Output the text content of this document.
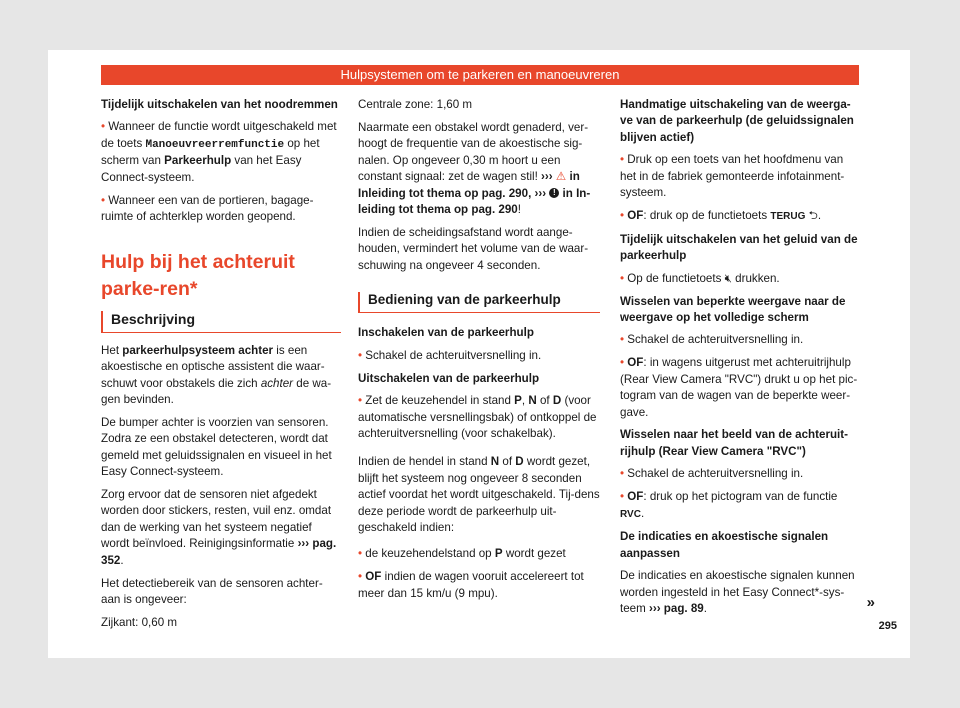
Hulpsystemen om te parkeren en manoeuvreren

Tijdelijk uitschakelen van het noodremmen

• Wanneer de functie wordt uitgeschakeld met de toets Manoeuvreerremfunctie op het scherm van Parkeerhulp van het Easy Connect-systeem.

• Wanneer een van de portieren, bagage-ruimte of achterklep worden geopend.

Hulp bij het achteruit parke-ren*
Beschrijving

Het parkeerhulpsysteem achter is een akoestische en optische assistent die waar-schuwt voor obstakels die zich achter de wa-gen bevinden.

De bumper achter is voorzien van sensoren. Zodra ze een obstakel detecteren, wordt dat gemeld met geluidssignalen en visueel in het Easy Connect-systeem.

Zorg ervoor dat de sensoren niet afgedekt worden door stickers, resten, vuil enz. omdat dan de werking van het systeem negatief wordt beïnvloed. Reinigingsinformatie ››› pag. 352.

Het detectiebereik van de sensoren achter-aan is ongeveer:

Zijkant: 0,60 m

Centrale zone: 1,60 m

Naarmate een obstakel wordt genaderd, ver-hoogt de frequentie van de akoestische sig-nalen. Op ongeveer 0,30 m hoort u een constant signaal: zet de wagen stil! ››› ⚠ in Inleiding tot thema op pag. 290, ››› ! in In-leiding tot thema op pag. 290!

Indien de scheidingsafstand wordt aange-houden, vermindert het volume van de waar-schuwing na ongeveer 4 seconden.

Bediening van de parkeerhulp

Inschakelen van de parkeerhulp

• Schakel de achteruitversnelling in.

Uitschakelen van de parkeerhulp

• Zet de keuzehendel in stand P, N of D (voor automatische versnellingsbak) of ontkoppel de achteruitversnelling (voor schakelbak).

Indien de hendel in stand N of D wordt gezet, blijft het systeem nog ongeveer 8 seconden actief voordat het wordt uitgeschakeld. Tij-dens deze periode wordt de parkeerhulp uit-geschakeld indien:

• de keuzehendelstand op P wordt gezet

• OF indien de wagen vooruit accelereert tot meer dan 15 km/u (9 mpu).

Handmatige uitschakeling van de weerga-ve van de parkeerhulp (de geluidssignalen blijven actief)

• Druk op een toets van het hoofdmenu van het in de fabriek gemonteerde infotainment-systeem.

• OF: druk op de functietoets TERUG ⮌.

Tijdelijk uitschakelen van het geluid van de parkeerhulp

• Op de functietoets 🔇︎ drukken.

Wisselen van beperkte weergave naar de weergave op het volledige scherm

• Schakel de achteruitversnelling in.

• OF: in wagens uitgerust met achteruitrijhulp (Rear View Camera "RVC") drukt u op het pic-togram van de wagen van de beperkte weer-gave.

Wisselen naar het beeld van de achteruit-rijhulp (Rear View Camera "RVC")

• Schakel de achteruitversnelling in.

• OF: druk op het pictogram van de functie RVC.

De indicaties en akoestische signalen aanpassen

De indicaties en akoestische signalen kunnen worden ingesteld in het Easy Connect*-sys-teem ››› pag. 89.	»
295
